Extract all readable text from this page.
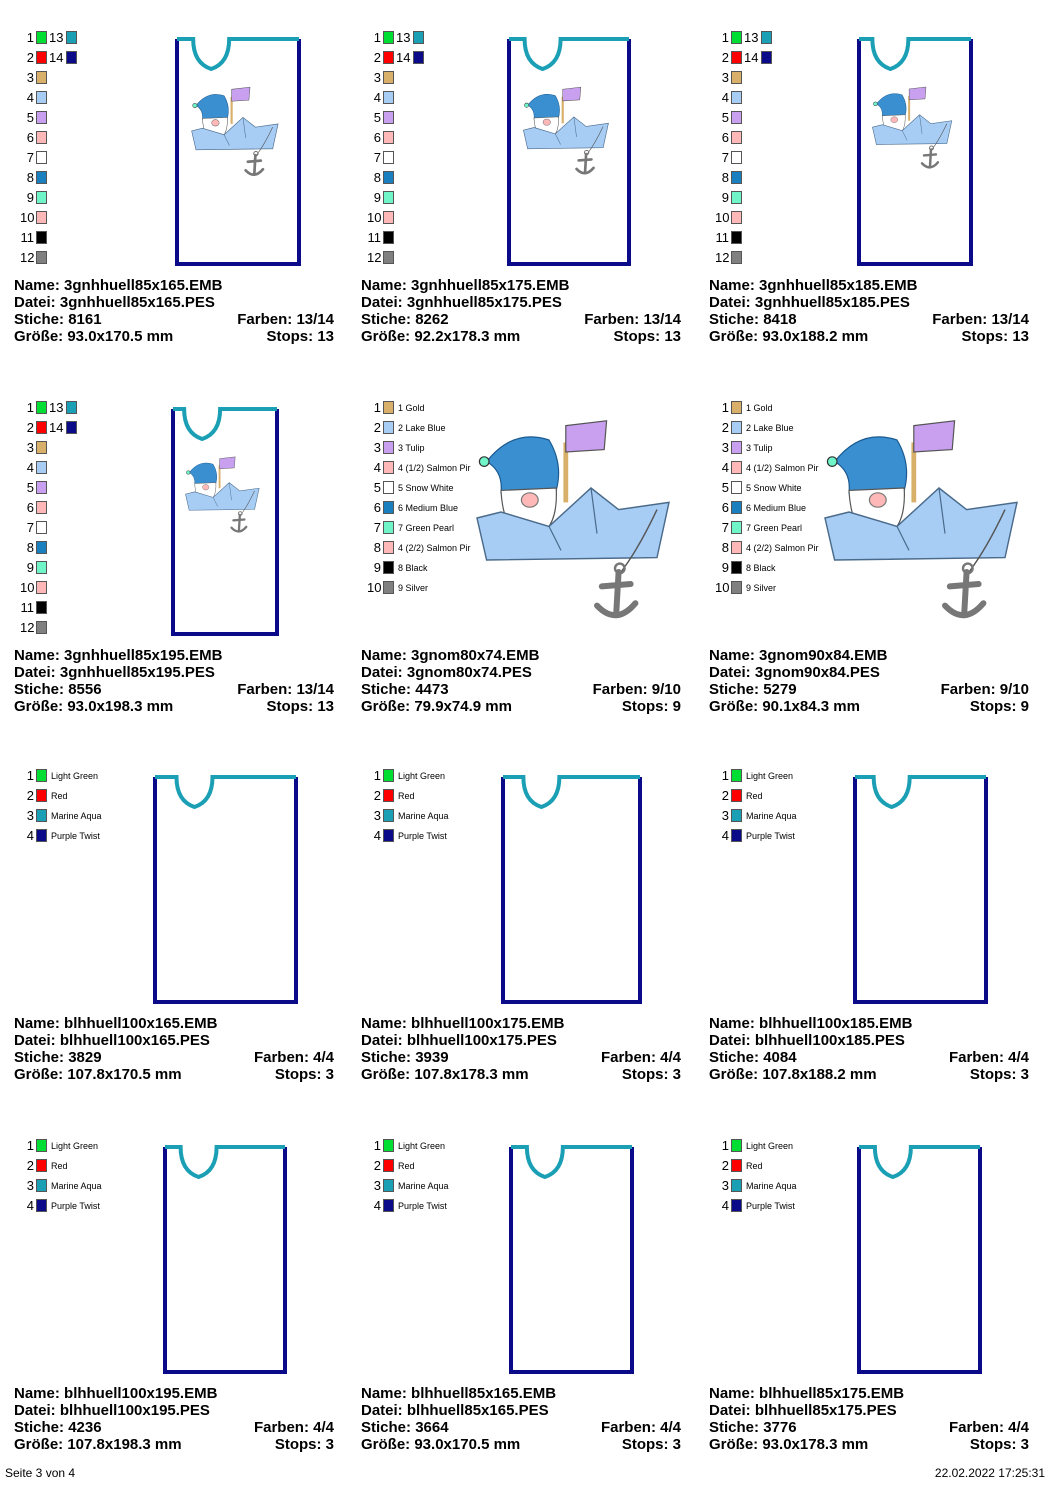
1 13
2 14
3
4
5
6
7
8
9
10
11
12
Name: 3gnhhuell85x165.EMB
Datei: 3gnhhuell85x165.PES
Stiche: 8161	Farben: 13/14
Größe: 93.0x170.5 mm	Stops: 13
1 13
2 14
3
4
5
6
7
8
9
10
11
12
Name: 3gnhhuell85x175.EMB
Datei: 3gnhhuell85x175.PES
Stiche: 8262	Farben: 13/14
Größe: 92.2x178.3 mm	Stops: 13
1 13
2 14
3
4
5
6
7
8
9
10
11
12
Name: 3gnhhuell85x185.EMB
Datei: 3gnhhuell85x185.PES
Stiche: 8418	Farben: 13/14
Größe: 93.0x188.2 mm	Stops: 13
1 13
2 14
3
4
5
6
7
8
9
10
11
12
Name: 3gnhhuell85x195.EMB
Datei: 3gnhhuell85x195.PES
Stiche: 8556	Farben: 13/14
Größe: 93.0x198.3 mm	Stops: 13
1 1 Gold
2 2 Lake Blue
3 3 Tulip
4 4 (1/2) Salmon Pir
5 5 Snow White
6 6 Medium Blue
7 7 Green Pearl
8 4 (2/2) Salmon Pir
9 8 Black
10 9 Silver
Name: 3gnom80x74.EMB
Datei: 3gnom80x74.PES
Stiche: 4473	Farben: 9/10
Größe: 79.9x74.9 mm	Stops: 9
1 1 Gold
2 2 Lake Blue
3 3 Tulip
4 4 (1/2) Salmon Pir
5 5 Snow White
6 6 Medium Blue
7 7 Green Pearl
8 4 (2/2) Salmon Pir
9 8 Black
10 9 Silver
Name: 3gnom90x84.EMB
Datei: 3gnom90x84.PES
Stiche: 5279	Farben: 9/10
Größe: 90.1x84.3 mm	Stops: 9
1 Light Green
2 Red
3 Marine Aqua
4 Purple Twist
Name: blhhuell100x165.EMB
Datei: blhhuell100x165.PES
Stiche: 3829	Farben: 4/4
Größe: 107.8x170.5 mm	Stops: 3
1 Light Green
2 Red
3 Marine Aqua
4 Purple Twist
Name: blhhuell100x175.EMB
Datei: blhhuell100x175.PES
Stiche: 3939	Farben: 4/4
Größe: 107.8x178.3 mm	Stops: 3
1 Light Green
2 Red
3 Marine Aqua
4 Purple Twist
Name: blhhuell100x185.EMB
Datei: blhhuell100x185.PES
Stiche: 4084	Farben: 4/4
Größe: 107.8x188.2 mm	Stops: 3
1 Light Green
2 Red
3 Marine Aqua
4 Purple Twist
Name: blhhuell100x195.EMB
Datei: blhhuell100x195.PES
Stiche: 4236	Farben: 4/4
Größe: 107.8x198.3 mm	Stops: 3
1 Light Green
2 Red
3 Marine Aqua
4 Purple Twist
Name: blhhuell85x165.EMB
Datei: blhhuell85x165.PES
Stiche: 3664	Farben: 4/4
Größe: 93.0x170.5 mm	Stops: 3
1 Light Green
2 Red
3 Marine Aqua
4 Purple Twist
Name: blhhuell85x175.EMB
Datei: blhhuell85x175.PES
Stiche: 3776	Farben: 4/4
Größe: 93.0x178.3 mm	Stops: 3
Seite 3 von 4	22.02.2022 17:25:31
